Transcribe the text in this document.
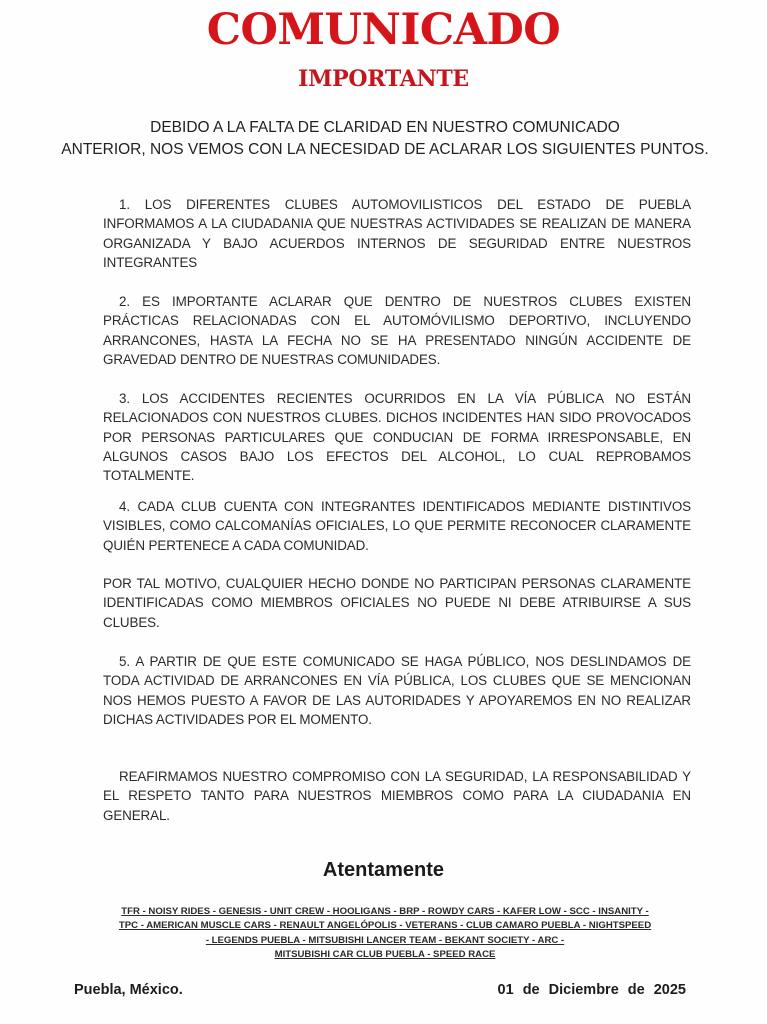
COMUNICADO
IMPORTANTE
DEBIDO A LA FALTA DE CLARIDAD EN NUESTRO COMUNICADO
ANTERIOR, NOS VEMOS CON LA NECESIDAD DE ACLARAR LOS SIGUIENTES PUNTOS.

1. LOS DIFERENTES CLUBES AUTOMOVILISTICOS DEL ESTADO DE PUEBLA INFORMAMOS A LA CIUDADANIA QUE NUESTRAS ACTIVIDADES SE REALIZAN DE MANERA ORGANIZADA Y BAJO ACUERDOS INTERNOS DE SEGURIDAD ENTRE NUESTROS INTEGRANTES

2. ES IMPORTANTE ACLARAR QUE DENTRO DE NUESTROS CLUBES EXISTEN PRÁCTICAS RELACIONADAS CON EL AUTOMÓVILISMO DEPORTIVO, INCLUYENDO ARRANCONES, HASTA LA FECHA NO SE HA PRESENTADO NINGÚN ACCIDENTE DE GRAVEDAD DENTRO DE NUESTRAS COMUNIDADES.

3. LOS ACCIDENTES RECIENTES OCURRIDOS EN LA VÍA PÚBLICA NO ESTÁN RELACIONADOS CON NUESTROS CLUBES. DICHOS INCIDENTES HAN SIDO PROVOCADOS POR PERSONAS PARTICULARES QUE CONDUCIAN DE FORMA IRRESPONSABLE, EN ALGUNOS CASOS BAJO LOS EFECTOS DEL ALCOHOL, LO CUAL REPROBAMOS TOTALMENTE.

4. CADA CLUB CUENTA CON INTEGRANTES IDENTIFICADOS MEDIANTE DISTINTIVOS VISIBLES, COMO CALCOMANÍAS OFICIALES, LO QUE PERMITE RECONOCER CLARAMENTE QUIÉN PERTENECE A CADA COMUNIDAD.

POR TAL MOTIVO, CUALQUIER HECHO DONDE NO PARTICIPAN PERSONAS CLARAMENTE IDENTIFICADAS COMO MIEMBROS OFICIALES NO PUEDE NI DEBE ATRIBUIRSE A SUS CLUBES.

5. A PARTIR DE QUE ESTE COMUNICADO SE HAGA PÚBLICO, NOS DESLINDAMOS DE TODA ACTIVIDAD DE ARRANCONES EN VÍA PÚBLICA, LOS CLUBES QUE SE MENCIONAN NOS HEMOS PUESTO A FAVOR DE LAS AUTORIDADES Y APOYAREMOS EN NO REALIZAR DICHAS ACTIVIDADES POR EL MOMENTO.

REAFIRMAMOS NUESTRO COMPROMISO CON LA SEGURIDAD, LA RESPONSABILIDAD Y EL RESPETO TANTO PARA NUESTROS MIEMBROS COMO PARA LA CIUDADANIA EN GENERAL.

Atentamente
TFR - NOISY RIDES - GENESIS - UNIT CREW - HOOLIGANS - BRP - ROWDY CARS - KAFER LOW - SCC - INSANITY -
TPC - AMERICAN MUSCLE CARS - RENAULT ANGELÓPOLIS - VETERANS - CLUB CAMARO PUEBLA - NIGHTSPEED
- LEGENDS PUEBLA - MITSUBISHI LANCER TEAM - BEKANT SOCIETY - ARC -
MITSUBISHI CAR CLUB PUEBLA - SPEED RACE
Puebla, México.	01 de Diciembre de 2025
